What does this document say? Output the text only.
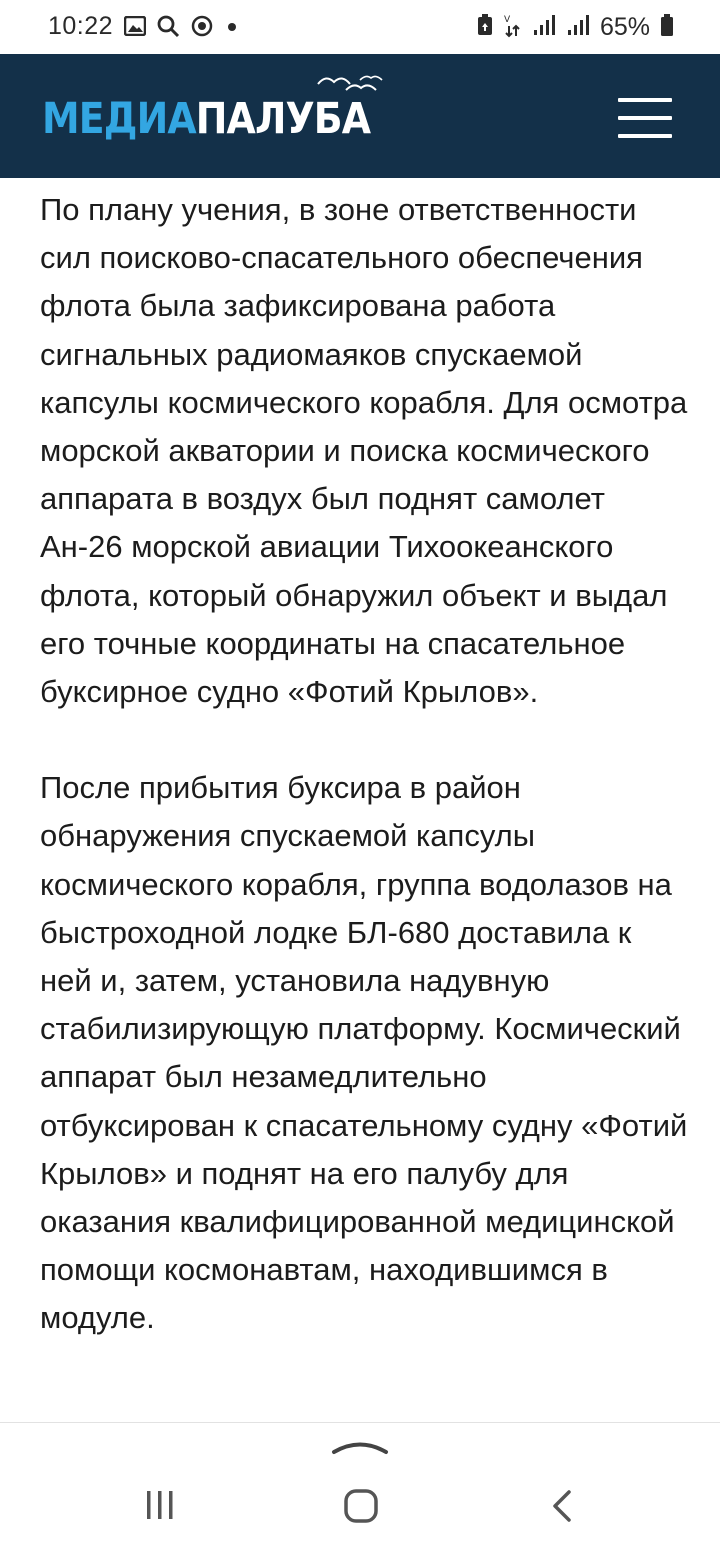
10:22	V	65%
МЕДИАПАЛУБА

По плану учения, в зоне ответственности сил поисково-спасательного обеспечения флота была зафиксирована работа сигнальных радиомаяков спускаемой капсулы космического корабля. Для осмотра морской акватории и поиска космического аппарата в воздух был поднят самолет Ан-26 морской авиации Тихоокеанского флота, который обнаружил объект и выдал его точные координаты на спасательное буксирное судно «Фотий Крылов».

После прибытия буксира в район обнаружения спускаемой капсулы космического корабля, группа водолазов на быстроходной лодке БЛ-680 доставила к ней и, затем, установила надувную стабилизирующую платформу. Космический аппарат был незамедлительно отбуксирован к спасательному судну «Фотий Крылов» и поднят на его палубу для оказания квалифицированной медицинской помощи космонавтам, находившимся в модуле.
